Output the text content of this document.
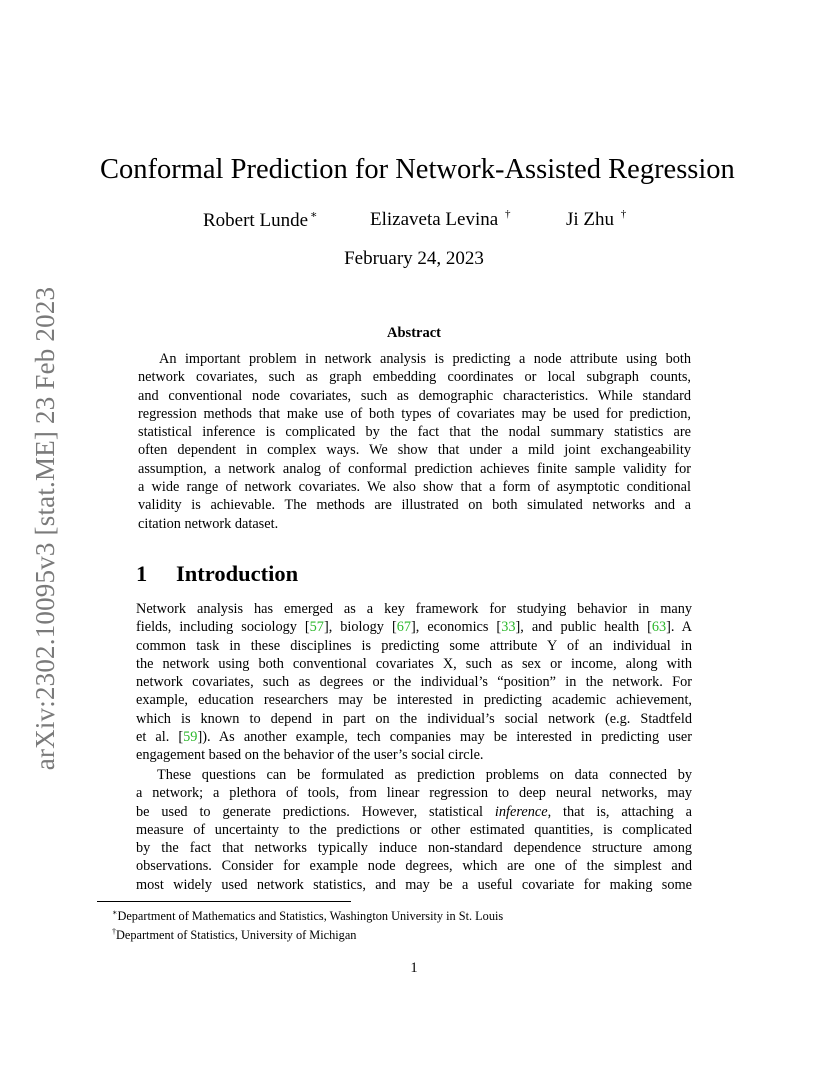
arXiv:2302.10095v3 [stat.ME] 23 Feb 2023
Conformal Prediction for Network-Assisted Regression
Robert Lunde ∗	Elizaveta Levina †	Ji Zhu †
February 24, 2023
Abstract
An important problem in network analysis is predicting a node attribute using both
network covariates, such as graph embedding coordinates or local subgraph counts,
and conventional node covariates, such as demographic characteristics. While standard
regression methods that make use of both types of covariates may be used for prediction,
statistical inference is complicated by the fact that the nodal summary statistics are
often dependent in complex ways. We show that under a mild joint exchangeability
assumption, a network analog of conformal prediction achieves finite sample validity for
a wide range of network covariates. We also show that a form of asymptotic conditional
validity is achievable. The methods are illustrated on both simulated networks and a
citation network dataset.
1 Introduction
Network analysis has emerged as a key framework for studying behavior in many
fields, including sociology [57], biology [67], economics [33], and public health [63]. A
common task in these disciplines is predicting some attribute Y of an individual in
the network using both conventional covariates X, such as sex or income, along with
network covariates, such as degrees or the individual’s “position” in the network. For
example, education researchers may be interested in predicting academic achievement,
which is known to depend in part on the individual’s social network (e.g. Stadtfeld
et al. [59]). As another example, tech companies may be interested in predicting user
engagement based on the behavior of the user’s social circle.
These questions can be formulated as prediction problems on data connected by
a network; a plethora of tools, from linear regression to deep neural networks, may
be used to generate predictions. However, statistical inference, that is, attaching a
measure of uncertainty to the predictions or other estimated quantities, is complicated
by the fact that networks typically induce non-standard dependence structure among
observations. Consider for example node degrees, which are one of the simplest and
most widely used network statistics, and may be a useful covariate for making some
∗Department of Mathematics and Statistics, Washington University in St. Louis
†Department of Statistics, University of Michigan
1
